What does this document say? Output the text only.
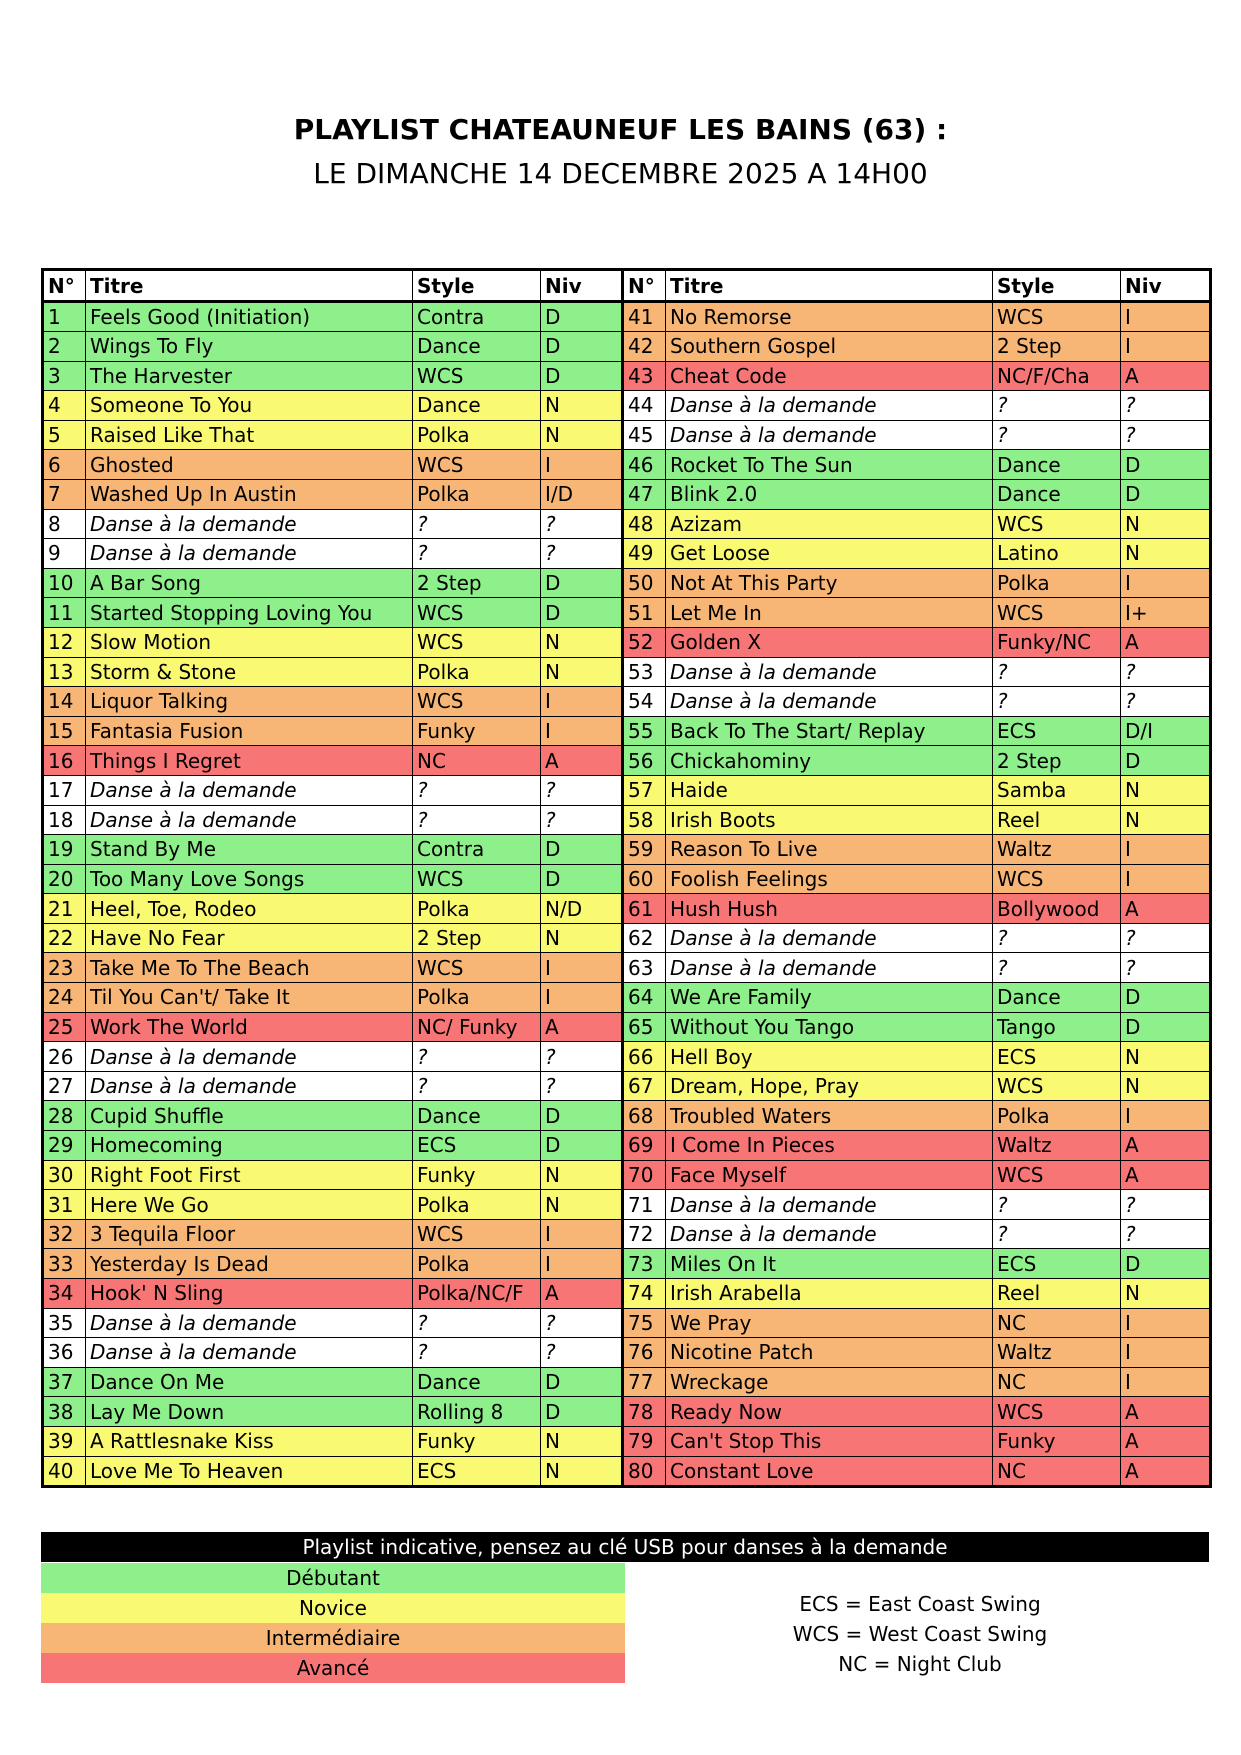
PLAYLIST CHATEAUNEUF LES BAINS (63) :
LE DIMANCHE 14 DECEMBRE 2025 A 14H00
N°	Titre	Style	Niv	N°	Titre	Style	Niv
1	Feels Good (Initiation)	Contra	D	41	No Remorse	WCS	I
2	Wings To Fly	Dance	D	42	Southern Gospel	2 Step	I
3	The Harvester	WCS	D	43	Cheat Code	NC/F/Cha	A
4	Someone To You	Dance	N	44	Danse à la demande	?	?
5	Raised Like That	Polka	N	45	Danse à la demande	?	?
6	Ghosted	WCS	I	46	Rocket To The Sun	Dance	D
7	Washed Up In Austin	Polka	I/D	47	Blink 2.0	Dance	D
8	Danse à la demande	?	?	48	Azizam	WCS	N
9	Danse à la demande	?	?	49	Get Loose	Latino	N
10	A Bar Song	2 Step	D	50	Not At This Party	Polka	I
11	Started Stopping Loving You	WCS	D	51	Let Me In	WCS	I+
12	Slow Motion	WCS	N	52	Golden X	Funky/NC	A
13	Storm & Stone	Polka	N	53	Danse à la demande	?	?
14	Liquor Talking	WCS	I	54	Danse à la demande	?	?
15	Fantasia Fusion	Funky	I	55	Back To The Start/ Replay	ECS	D/I
16	Things I Regret	NC	A	56	Chickahominy	2 Step	D
17	Danse à la demande	?	?	57	Haide	Samba	N
18	Danse à la demande	?	?	58	Irish Boots	Reel	N
19	Stand By Me	Contra	D	59	Reason To Live	Waltz	I
20	Too Many Love Songs	WCS	D	60	Foolish Feelings	WCS	I
21	Heel, Toe, Rodeo	Polka	N/D	61	Hush Hush	Bollywood	A
22	Have No Fear	2 Step	N	62	Danse à la demande	?	?
23	Take Me To The Beach	WCS	I	63	Danse à la demande	?	?
24	Til You Can't/ Take It	Polka	I	64	We Are Family	Dance	D
25	Work The World	NC/ Funky	A	65	Without You Tango	Tango	D
26	Danse à la demande	?	?	66	Hell Boy	ECS	N
27	Danse à la demande	?	?	67	Dream, Hope, Pray	WCS	N
28	Cupid Shuffle	Dance	D	68	Troubled Waters	Polka	I
29	Homecoming	ECS	D	69	I Come In Pieces	Waltz	A
30	Right Foot First	Funky	N	70	Face Myself	WCS	A
31	Here We Go	Polka	N	71	Danse à la demande	?	?
32	3 Tequila Floor	WCS	I	72	Danse à la demande	?	?
33	Yesterday Is Dead	Polka	I	73	Miles On It	ECS	D
34	Hook' N Sling	Polka/NC/F	A	74	Irish Arabella	Reel	N
35	Danse à la demande	?	?	75	We Pray	NC	I
36	Danse à la demande	?	?	76	Nicotine Patch	Waltz	I
37	Dance On Me	Dance	D	77	Wreckage	NC	I
38	Lay Me Down	Rolling 8	D	78	Ready Now	WCS	A
39	A Rattlesnake Kiss	Funky	N	79	Can't Stop This	Funky	A
40	Love Me To Heaven	ECS	N	80	Constant Love	NC	A
Playlist indicative, pensez au clé USB pour danses à la demande
Débutant
Novice
Intermédiaire
Avancé
ECS = East Coast Swing
WCS = West Coast Swing
NC = Night Club
